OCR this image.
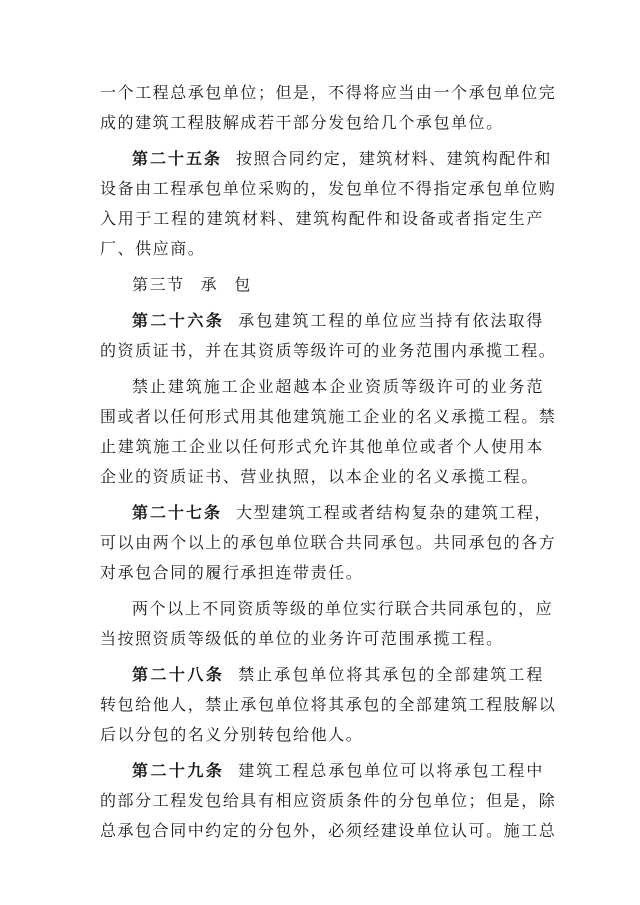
一个工程总承包单位；但是，不得将应当由一个承包单位完
成的建筑工程肢解成若干部分发包给几个承包单位。
第二十五条 按照合同约定，建筑材料、建筑构配件和
设备由工程承包单位采购的，发包单位不得指定承包单位购
入用于工程的建筑材料、建筑构配件和设备或者指定生产
厂、供应商。
第三节 承 包
第二十六条 承包建筑工程的单位应当持有依法取得
的资质证书，并在其资质等级许可的业务范围内承揽工程。
禁止建筑施工企业超越本企业资质等级许可的业务范
围或者以任何形式用其他建筑施工企业的名义承揽工程。禁
止建筑施工企业以任何形式允许其他单位或者个人使用本
企业的资质证书、营业执照，以本企业的名义承揽工程。
第二十七条 大型建筑工程或者结构复杂的建筑工程，
可以由两个以上的承包单位联合共同承包。共同承包的各方
对承包合同的履行承担连带责任。
两个以上不同资质等级的单位实行联合共同承包的，应
当按照资质等级低的单位的业务许可范围承揽工程。
第二十八条 禁止承包单位将其承包的全部建筑工程
转包给他人，禁止承包单位将其承包的全部建筑工程肢解以
后以分包的名义分别转包给他人。
第二十九条 建筑工程总承包单位可以将承包工程中
的部分工程发包给具有相应资质条件的分包单位；但是，除
总承包合同中约定的分包外，必须经建设单位认可。施工总
